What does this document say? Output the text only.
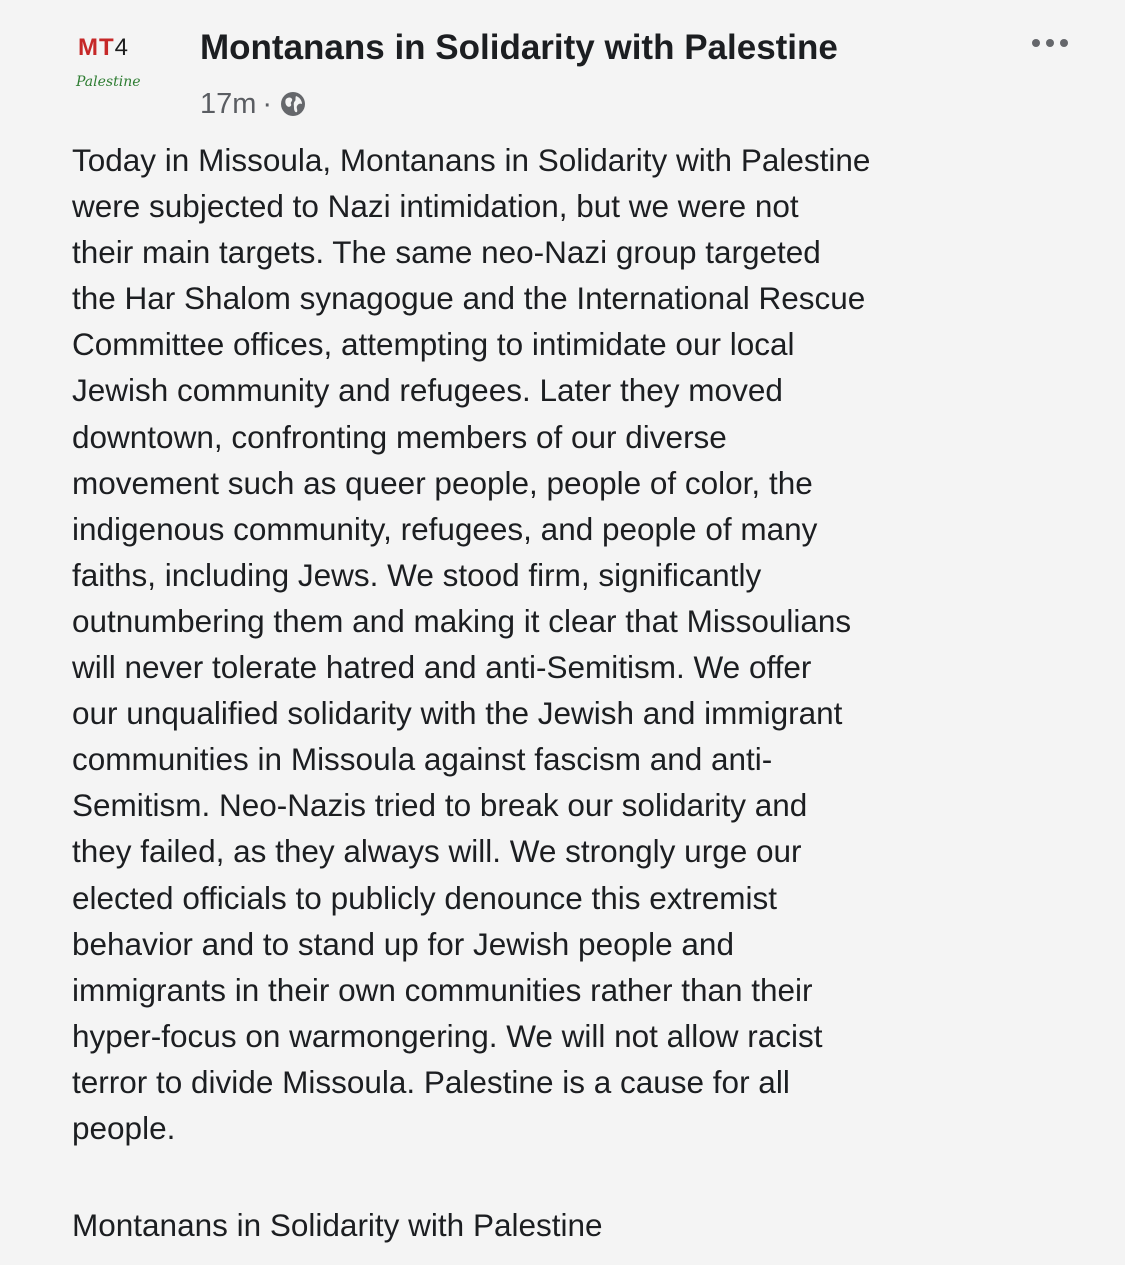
MT4
Palestine
Montanans in Solidarity with Palestine
17m ·
Today in Missoula, Montanans in Solidarity with Palestine
were subjected to Nazi intimidation, but we were not
their main targets. The same neo-Nazi group targeted
the Har Shalom synagogue and the International Rescue
Committee offices, attempting to intimidate our local
Jewish community and refugees. Later they moved
downtown, confronting members of our diverse
movement such as queer people, people of color, the
indigenous community, refugees, and people of many
faiths, including Jews. We stood firm, significantly
outnumbering them and making it clear that Missoulians
will never tolerate hatred and anti-Semitism. We offer
our unqualified solidarity with the Jewish and immigrant
communities in Missoula against fascism and anti-
Semitism. Neo-Nazis tried to break our solidarity and
they failed, as they always will. We strongly urge our
elected officials to publicly denounce this extremist
behavior and to stand up for Jewish people and
immigrants in their own communities rather than their
hyper-focus on warmongering. We will not allow racist
terror to divide Missoula. Palestine is a cause for all
people.
Montanans in Solidarity with Palestine
